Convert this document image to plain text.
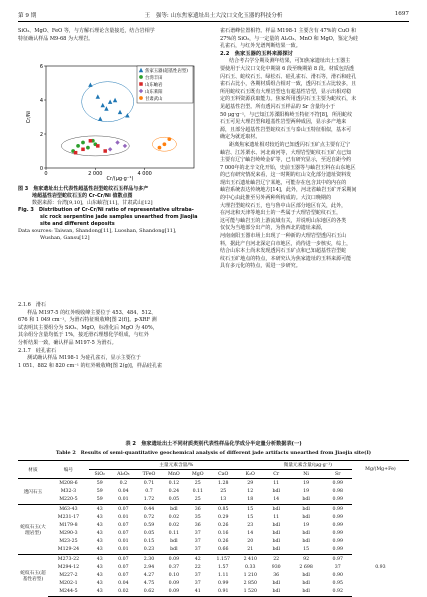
第 9 期	王　强等: 山东焦家遗址出土大汶口文化玉器的科技分析	1697

SiO₂、MgO、FeO 等，与方解石理论含量接近，结合岩相学

特征确认样品 M9-68 为大理岩。

0	2 000	4 000
0
2
4
6
Cr/(μg·g⁻¹)
Cr/Ni
焦家玉器(超基性岩型)
台湾丰田
山东岫岩
山东莱阳
甘肃武山

图 3　焦家遗址出土代表性超基性岩型蛇纹石玉样品与多产

地超基性岩型蛇纹石玉的 Cr-Cr/Ni 值散点图

数据来源：台湾[9,10]，山东岫岩[11]，甘肃武山[12]

Fig. 3　Distribution of Cr-Cr/Ni ratio of representative ultraba-

sic rock serpentine jade samples unearthed from Jiaojia

site and different deposits

Data sources: Taiwan, Shandong[11], Luoshan, Shandong[11],

Wushan, Gansu[12]

2.1.6　滑石

样品 M197-5 的红外吸收峰主要位于 453、484、512、

676 和 1 049 cm⁻¹，为滑石特征吸收峰[图 2(f)]。p-XRF 测

试表明其主要组分为 SiO₂、MgO，标准化后 MgO 为 40%，

其余组分含量均低于 1%，接近滑石理想化学组成，与红外

分析结果一致，确认样品 M197-5 为滑石。

2.1.7　硅孔雀石

测试确认样品 M198-1 为硅孔雀石，显示主要位于

1 051、882 和 820 cm⁻¹ 的红外吸收峰[图 2(g)]，样品硅孔雀

雀石谱峰位置相符。样品 M198-1 主要含有 47%的 CuO 和

27%的 SiO₂，与一定量的 Al₂O₃、MnO 和 MgO，鉴定为硅

孔雀石，与红外光谱判断结果一致。

2.2　焦家玉器的玉料来源探讨

结合考古学分期及测年结果，可知焦家遗址出土玉器主

要使用于大汶口文化中期第 6 段至晚期第 8 段。材质包括透

闪石玉、蛇纹石玉、绿松石、硅孔雀石、滑石等，滑石和硅孔

雀石占比小，各期材质组合相对一致，透闪石玉占比较多，且

所用蛇纹石玉既有大理岩型也有超基性岩型，显示出相对稳

定的玉料资源获取能力。焦家所用透闪石玉主要为蛇纹石，未

见超基性岩型。所有透闪石玉样品的 Sr 含量均小于

50 μg·g⁻¹，与已知江苏溧阳梅岭玉特征不符[8]，所用蛇纹

石玉可见大理岩型和超基性岩型两种成因，显示多产地来

源，且部分超基性岩型蛇纹石玉与泰山玉特征相似，基本可

确定为就近取材。

距离焦家遗址相对较近的已知透闪石玉矿点主要有辽宁

岫岩、江苏栗水、河北商河等，大理岩型蛇纹石玉矿点已知

主要有辽宁岫岩岭岭金矿等，已有研究显示，至迟自距今约

7 000年的北辛文化开始，史前玉器等与岫岩玉料在山东地区

的已有研究情况来看，这一时期的红山文化部分遗址资料发

现出玉石遗址岫岩辽宁某地，可能存在包含其中的内在的

岫岩系统表达传统地方[14]，此外，河北省岫岩玉矿开采期间

的中心由此推至另外两种所构成的。大汶口晚期的

大理岩型蛇纹石玉，也与鲁中山区部分地区有关，此外，

在河北和天津等地出土的一些属于大理岩型蛇纹石玉，

这可能与岫岩玉的上游流域有关，并说明山东地区的各类

仅仅为当地部分出产的，为鲁西北的遗址来源，

河南南阳玉器市场上出现了一种新的大理岩型透闪石玉山

料，据此产自河北深定白市地区，尚待进一步核实，综上，

结合山东本土尚未发现透闪石玉矿点和已知超基性岩型蛇

纹石玉矿地点的特点，本研究认为焦家遗址的玉料来源可能

具有多元化的特点，需进一步研究。

表 2　焦家遗址出土不同材质类别代表性样品化学成分半定量分析数据表(一)
Table 2　Results of semi-quantitative geochemical analysis of different jade artifacts unearthed from Jiaojia site(Ⅰ)
材质	编号	主量元素含量/%							微量元素含量/(μg·g⁻¹)			Mg/(Mg+Fe)
		SiO₂	Al₂O₃	TFeO	MnO	MgO	CaO	K₂O	Cr	Ni	Sr	
透闪石玉	M208-6	59	0.2	0.71	0.12	25	1.28	29	11	19	0.99	
	M32-3	59	0.04	0.7	0.24	0.11	25	12	bdl	19	0.98	
	M220-5	59	0.01	1.72	0.05	25	13	18	14	bdl	0.99	
蛇纹石玉(大理岩型)	M63-43	43	0.07	0.44	bdl	36	0.85	15	bdl	bdl	0.99	
	M231-17	43	0.01	0.72	0.02	35	0.29	15	11	bdl	0.99	
	M179-8	43	0.07	0.59	0.02	36	0.26	23	bdl	19	0.99	
	M290-3	43	0.07	0.05	0.11	37	0.16	14	bdl	bdl	0.99	
	M23-25	43	0.01	0.15	bdl	37	0.26	20	bdl	bdl	0.99	
	M129-24	43	0.01	0.23	bdl	37	0.66	21	bdl	15	0.99	
蛇纹石玉(超基性岩型)	M273-22	43	0.07	2.30	0.09	42	1.157	2 410	22	92	0.97	
	M294-12	43	0.07	2.94	0.37	22	1.57	0.33	930	2 698	37	0.93
	M227-2	43	0.07	4.27	0.10	37	1.11	1 210	36	bdl	0.90	
	M202-1	43	0.04	4.75	0.09	37	0.99	2 850	bdl	bdl	0.95	
	M244-5	43	0.02	0.62	0.09	41	0.91	1 520	bdl	bdl	0.92	
